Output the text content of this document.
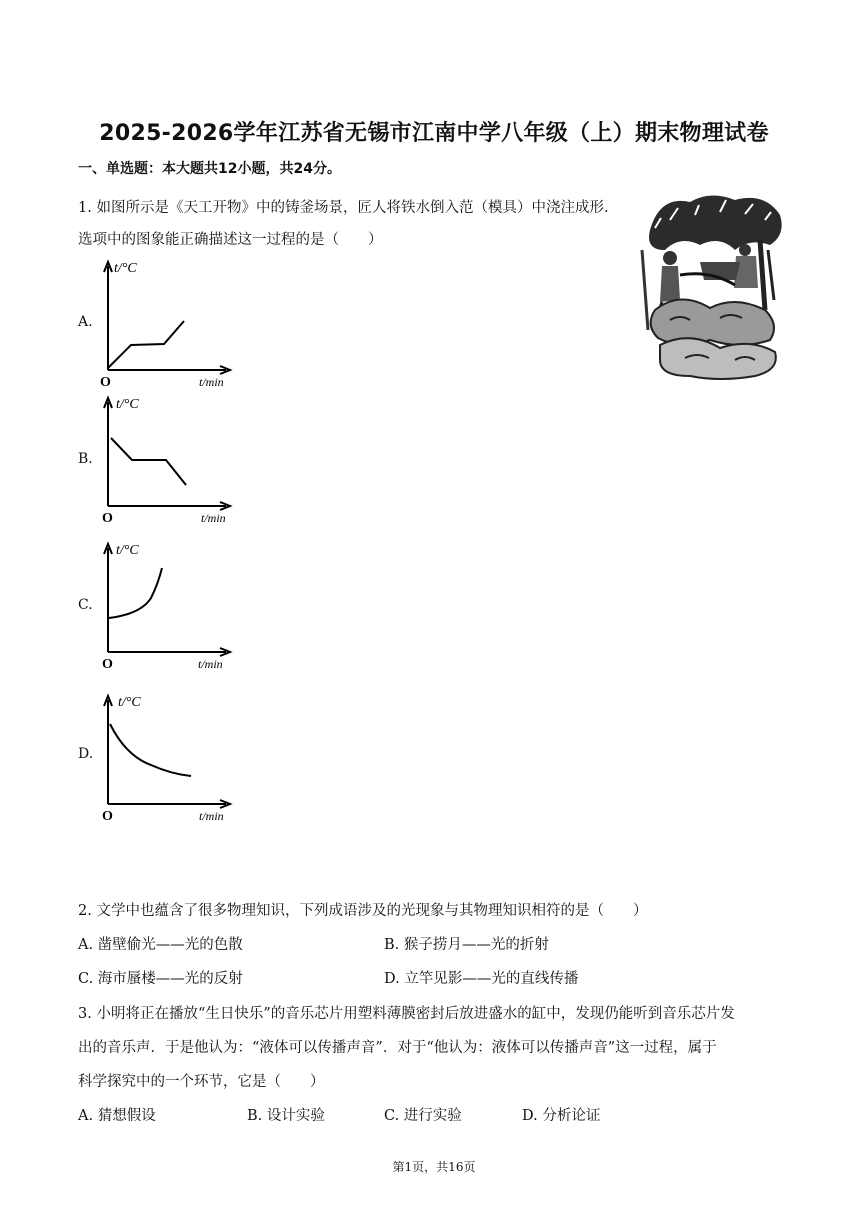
2025-2026学年江苏省无锡市江南中学八年级（上）期末物理试卷
一、单选题：本大题共12小题，共24分。
1. 如图所示是《天工开物》中的铸釜场景，匠人将铁水倒入范（模具）中浇注成形.
选项中的图象能正确描述这一过程的是（　　）
A.
t/°C
O	t/min
B.
t/°C
O	t/min
C.
t/°C
O	t/min
D.
t/°C
O	t/min
2. 文学中也蕴含了很多物理知识，下列成语涉及的光现象与其物理知识相符的是（　　）
A. 凿壁偷光——光的色散	B. 猴子捞月——光的折射
C. 海市蜃楼——光的反射	D. 立竿见影——光的直线传播
3. 小明将正在播放“生日快乐”的音乐芯片用塑料薄膜密封后放进盛水的缸中，发现仍能听到音乐芯片发
出的音乐声．于是他认为：“液体可以传播声音”．对于“他认为：液体可以传播声音”这一过程，属于
科学探究中的一个环节，它是（　　）
A. 猜想假设	B. 设计实验	C. 进行实验	D. 分析论证
第1页，共16页
